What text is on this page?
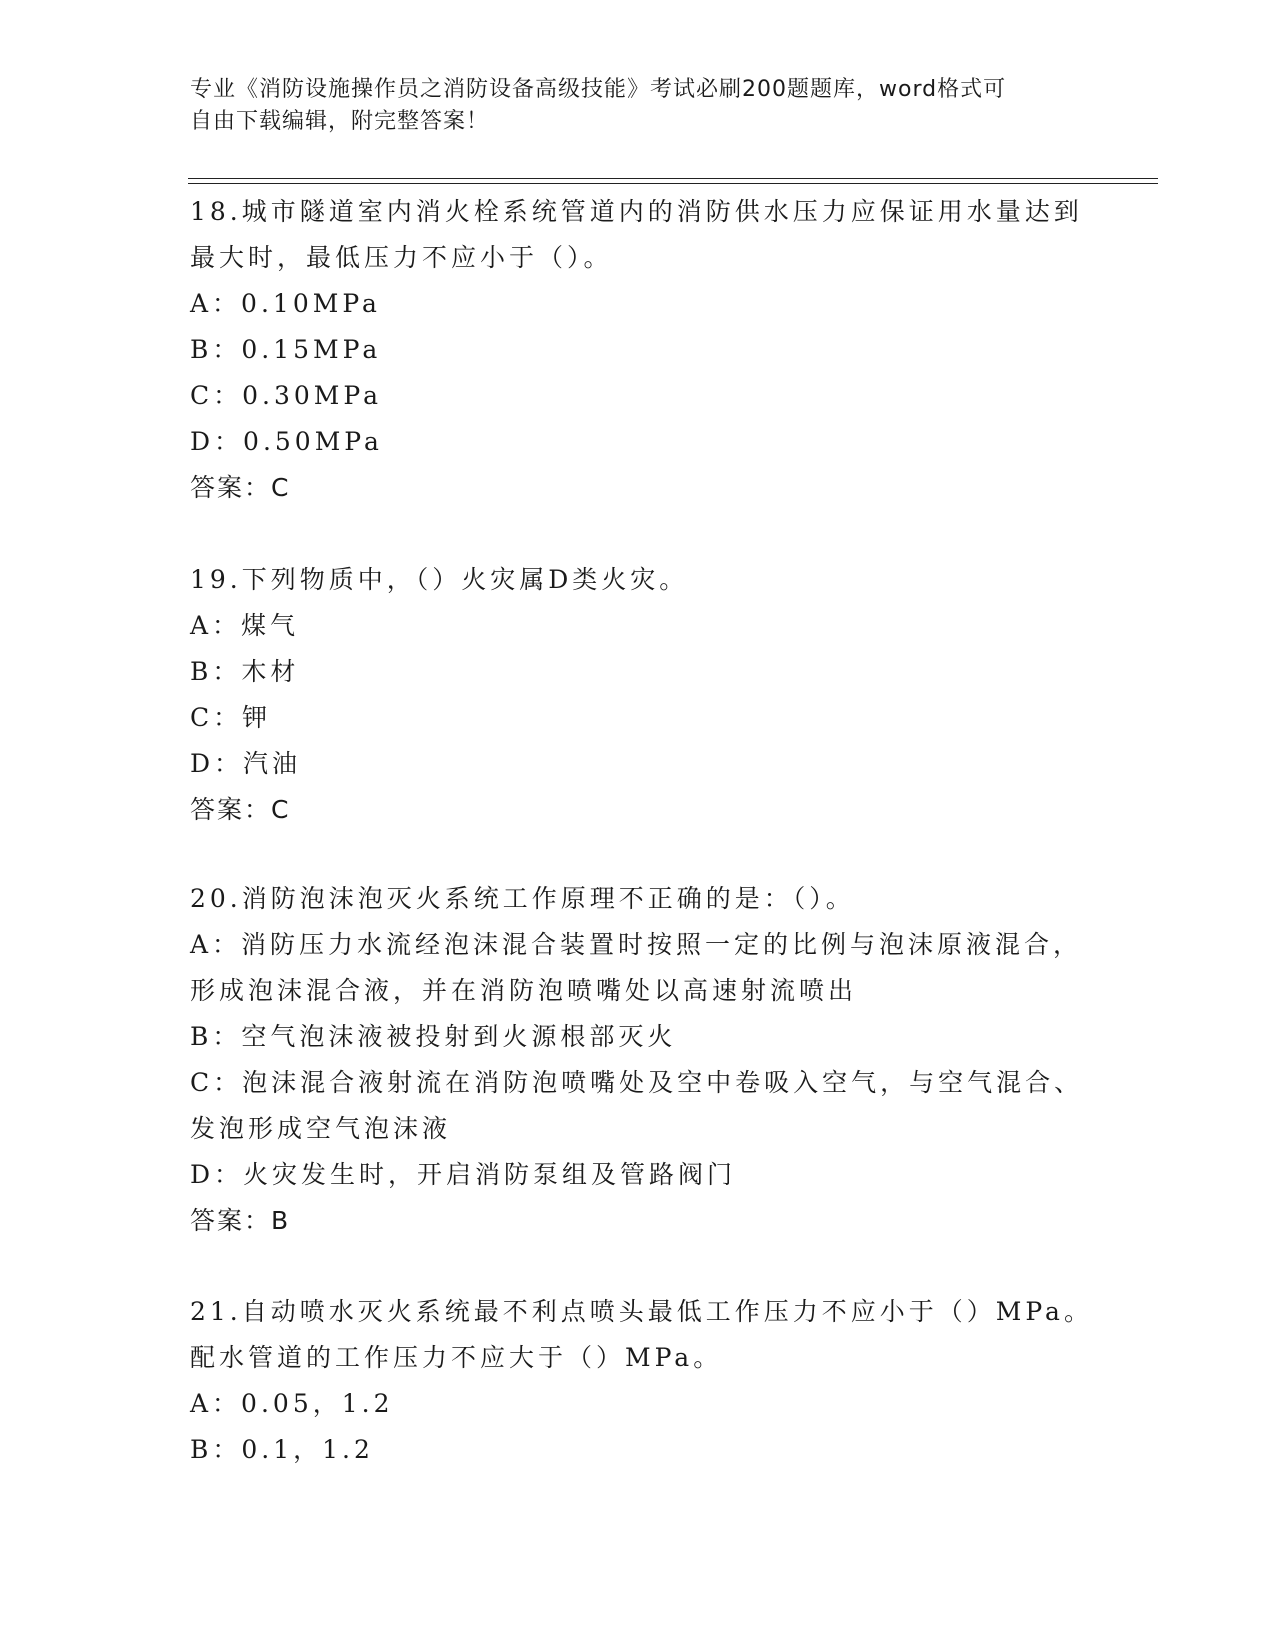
专业《消防设施操作员之消防设备高级技能》考试必刷200题题库，word格式可
自由下载编辑，附完整答案！
18.城市隧道室内消火栓系统管道内的消防供水压力应保证用水量达到
最大时，最低压力不应小于（）。
A：0.10MPa
B：0.15MPa
C：0.30MPa
D：0.50MPa
答案：C
19.下列物质中，（）火灾属D类火灾。
A：煤气
B：木材
C：钾
D：汽油
答案：C
20.消防泡沫泡灭火系统工作原理不正确的是：（）。
A：消防压力水流经泡沫混合装置时按照一定的比例与泡沫原液混合，
形成泡沫混合液，并在消防泡喷嘴处以高速射流喷出
B：空气泡沫液被投射到火源根部灭火
C：泡沫混合液射流在消防泡喷嘴处及空中卷吸入空气，与空气混合、
发泡形成空气泡沫液
D：火灾发生时，开启消防泵组及管路阀门
答案：B
21.自动喷水灭火系统最不利点喷头最低工作压力不应小于（）MPa。
配水管道的工作压力不应大于（）MPa。
A：0.05，1.2
B：0.1，1.2
